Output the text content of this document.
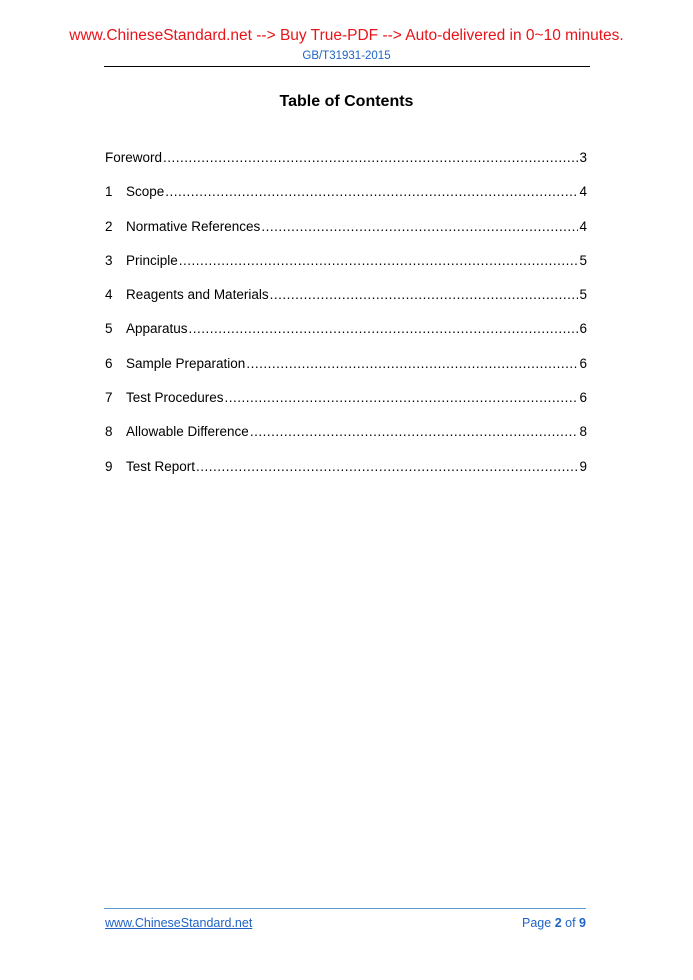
www.ChineseStandard.net --> Buy True-PDF --> Auto-delivered in 0~10 minutes.
GB/T31931-2015
Table of Contents
Foreword .....	3
1 Scope .....	4
2 Normative References .....	4
3 Principle .....	5
4 Reagents and Materials .....	5
5 Apparatus .....	6
6 Sample Preparation .....	6
7 Test Procedures .....	6
8 Allowable Difference .....	8
9 Test Report .....	9
www.ChineseStandard.net	Page 2 of 9
